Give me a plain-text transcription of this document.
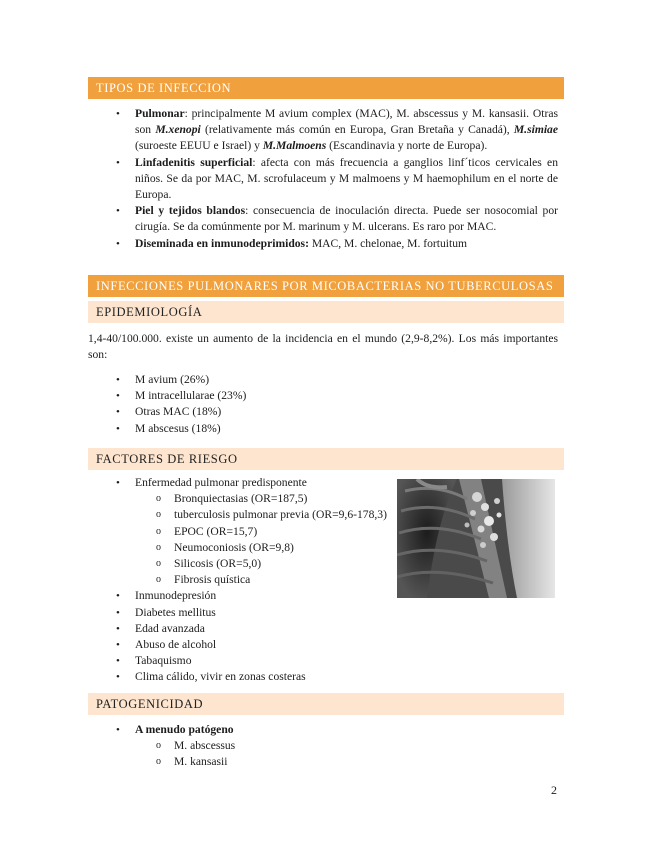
TIPOS DE INFECCION
• Pulmonar: principalmente M avium complex (MAC), M. abscessus y M. kansasii. Otras son M.xenopi (relativamente más común en Europa, Gran Bretaña y Canadá), M.simiae (suroeste EEUU e Israel) y M.Malmoens (Escandinavia y norte de Europa).
• Linfadenitis superficial: afecta con más frecuencia a ganglios linf´ticos cervicales en niños. Se da por MAC, M. scrofulaceum y M malmoens y M haemophilum en el norte de Europa.
• Piel y tejidos blandos: consecuencia de inoculación directa. Puede ser nosocomial por cirugía. Se da comúnmente por M. marinum y M. ulcerans. Es raro por MAC.
• Diseminada en inmunodeprimidos: MAC, M. chelonae, M. fortuitum
INFECCIONES PULMONARES POR MICOBACTERIAS NO TUBERCULOSAS
EPIDEMIOLOGÍA

1,4-40/100.000. existe un aumento de la incidencia en el mundo (2,9-8,2%). Los más importantes son:

• M avium (26%)
• M intracellularae (23%)
• Otras MAC (18%)
• M abscesus (18%)
FACTORES DE RIESGO
• Enfermedad pulmonar predisponente
o Bronquiectasias (OR=187,5)
o tuberculosis pulmonar previa (OR=9,6-178,3)
o EPOC (OR=15,7)
o Neumoconiosis (OR=9,8)
o Silicosis (OR=5,0)
o Fibrosis quística
• Inmunodepresión
• Diabetes mellitus
• Edad avanzada
• Abuso de alcohol
• Tabaquismo
• Clima cálido, vivir en zonas costeras
PATOGENICIDAD
• A menudo patógeno
o M. abscessus
o M. kansasii
2
